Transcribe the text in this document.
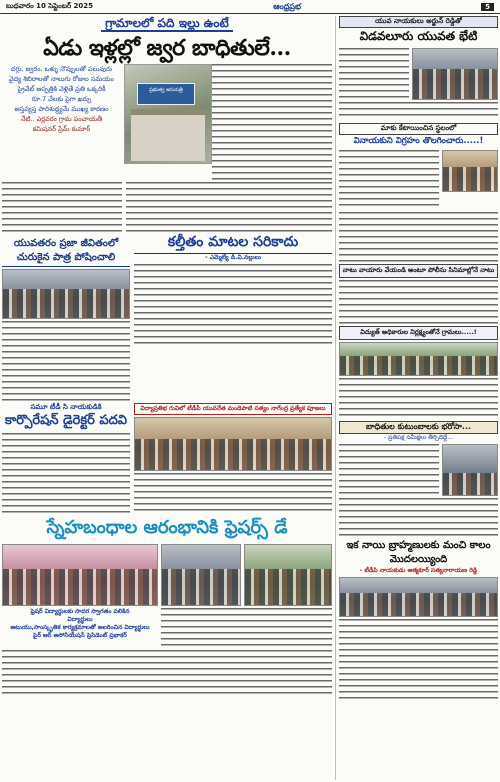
బుధవారం 10 సెప్టెంబర్ 2025	ఆంధ్రప్రభ	5
గ్రామాలలో పది ఇల్లు ఉంటే
ఏడు ఇళ్లల్లో జ్వర బాధితులే...
దగ్గు, జ్వరం, ఒళ్ళు నొప్పులతో పలువురు
వైద్య శిబిరాలతో నాలుగు రోజుల సమయం
ప్రైవేట్ ఆస్పత్రికి వెళ్లితే ప్రతి ఒక్కరికీ
రూ.7 వేలకు పైగా ఖర్చు
అస్తవ్యస్త పారిశుద్ధ్యమే ముఖ్య కారణం
నేటి.. ఎర్లవరం గ్రామ పంచాయతీ
కమిషనర్ ప్రేమ్ కుమార్
ప్రభుత్వ ఆసుపత్రి
యువతరం ప్రజా జీవితంలో చురుకైన పాత్ర పోషించాలి
కల్తీతం మాటల సరికాదు
- ఎమ్మెల్యే డి.వి.నల్లులు
సమూ టీడీ సి నాయకుడికి
కార్పొరేషన్ డైరెక్టర్ పదవి
విద్యాప్రతిభ గువిలో టీడీపీ యువనేత మండెపాటి సత్యం నాగేంద్ర ప్రత్యేక పూజలు
స్నేహబంధాల ఆరంభానికి ఫ్రెషర్స్ డే
ఫ్రెషర్ విద్యార్థులకు సాదర స్వాగతం పలికిన
విద్యార్థులు
అటుయు,సాంస్కృతిక కార్యక్రమాలతో అలరించిన విద్యార్థులు
పైర్ ఆర్ అసోసియేషన్ ప్రెసిడెంట్ ప్రభాకర్
యువ నాయకులు అర్జున్ రెడ్డితో
విడవలూరు యువత భేటి
మాకు కేటాయించిన స్థలంలో
వినాయకుని విగ్రహం తొలగించారు.....!
నాటు వాయారు వేయండి అంటూ పోలీసు సినిమాల్లోనే నాటు
విద్యుత్ అధికారుల నిర్లక్ష్యంతోనే గ్రామలు.....!
బాధితుల కుటుంబాలకు భరోసా...
- ప్రతిపక్ష సమీక్షలు తీర్చిదిద్దే...
ఇక నాయి బ్రాహ్మణులకు మంచి కాలం మొదలయ్యింది
- టీడీపి నాయకుడు ఆత్మకూర్ సత్యనారాయణ రెడ్డి
